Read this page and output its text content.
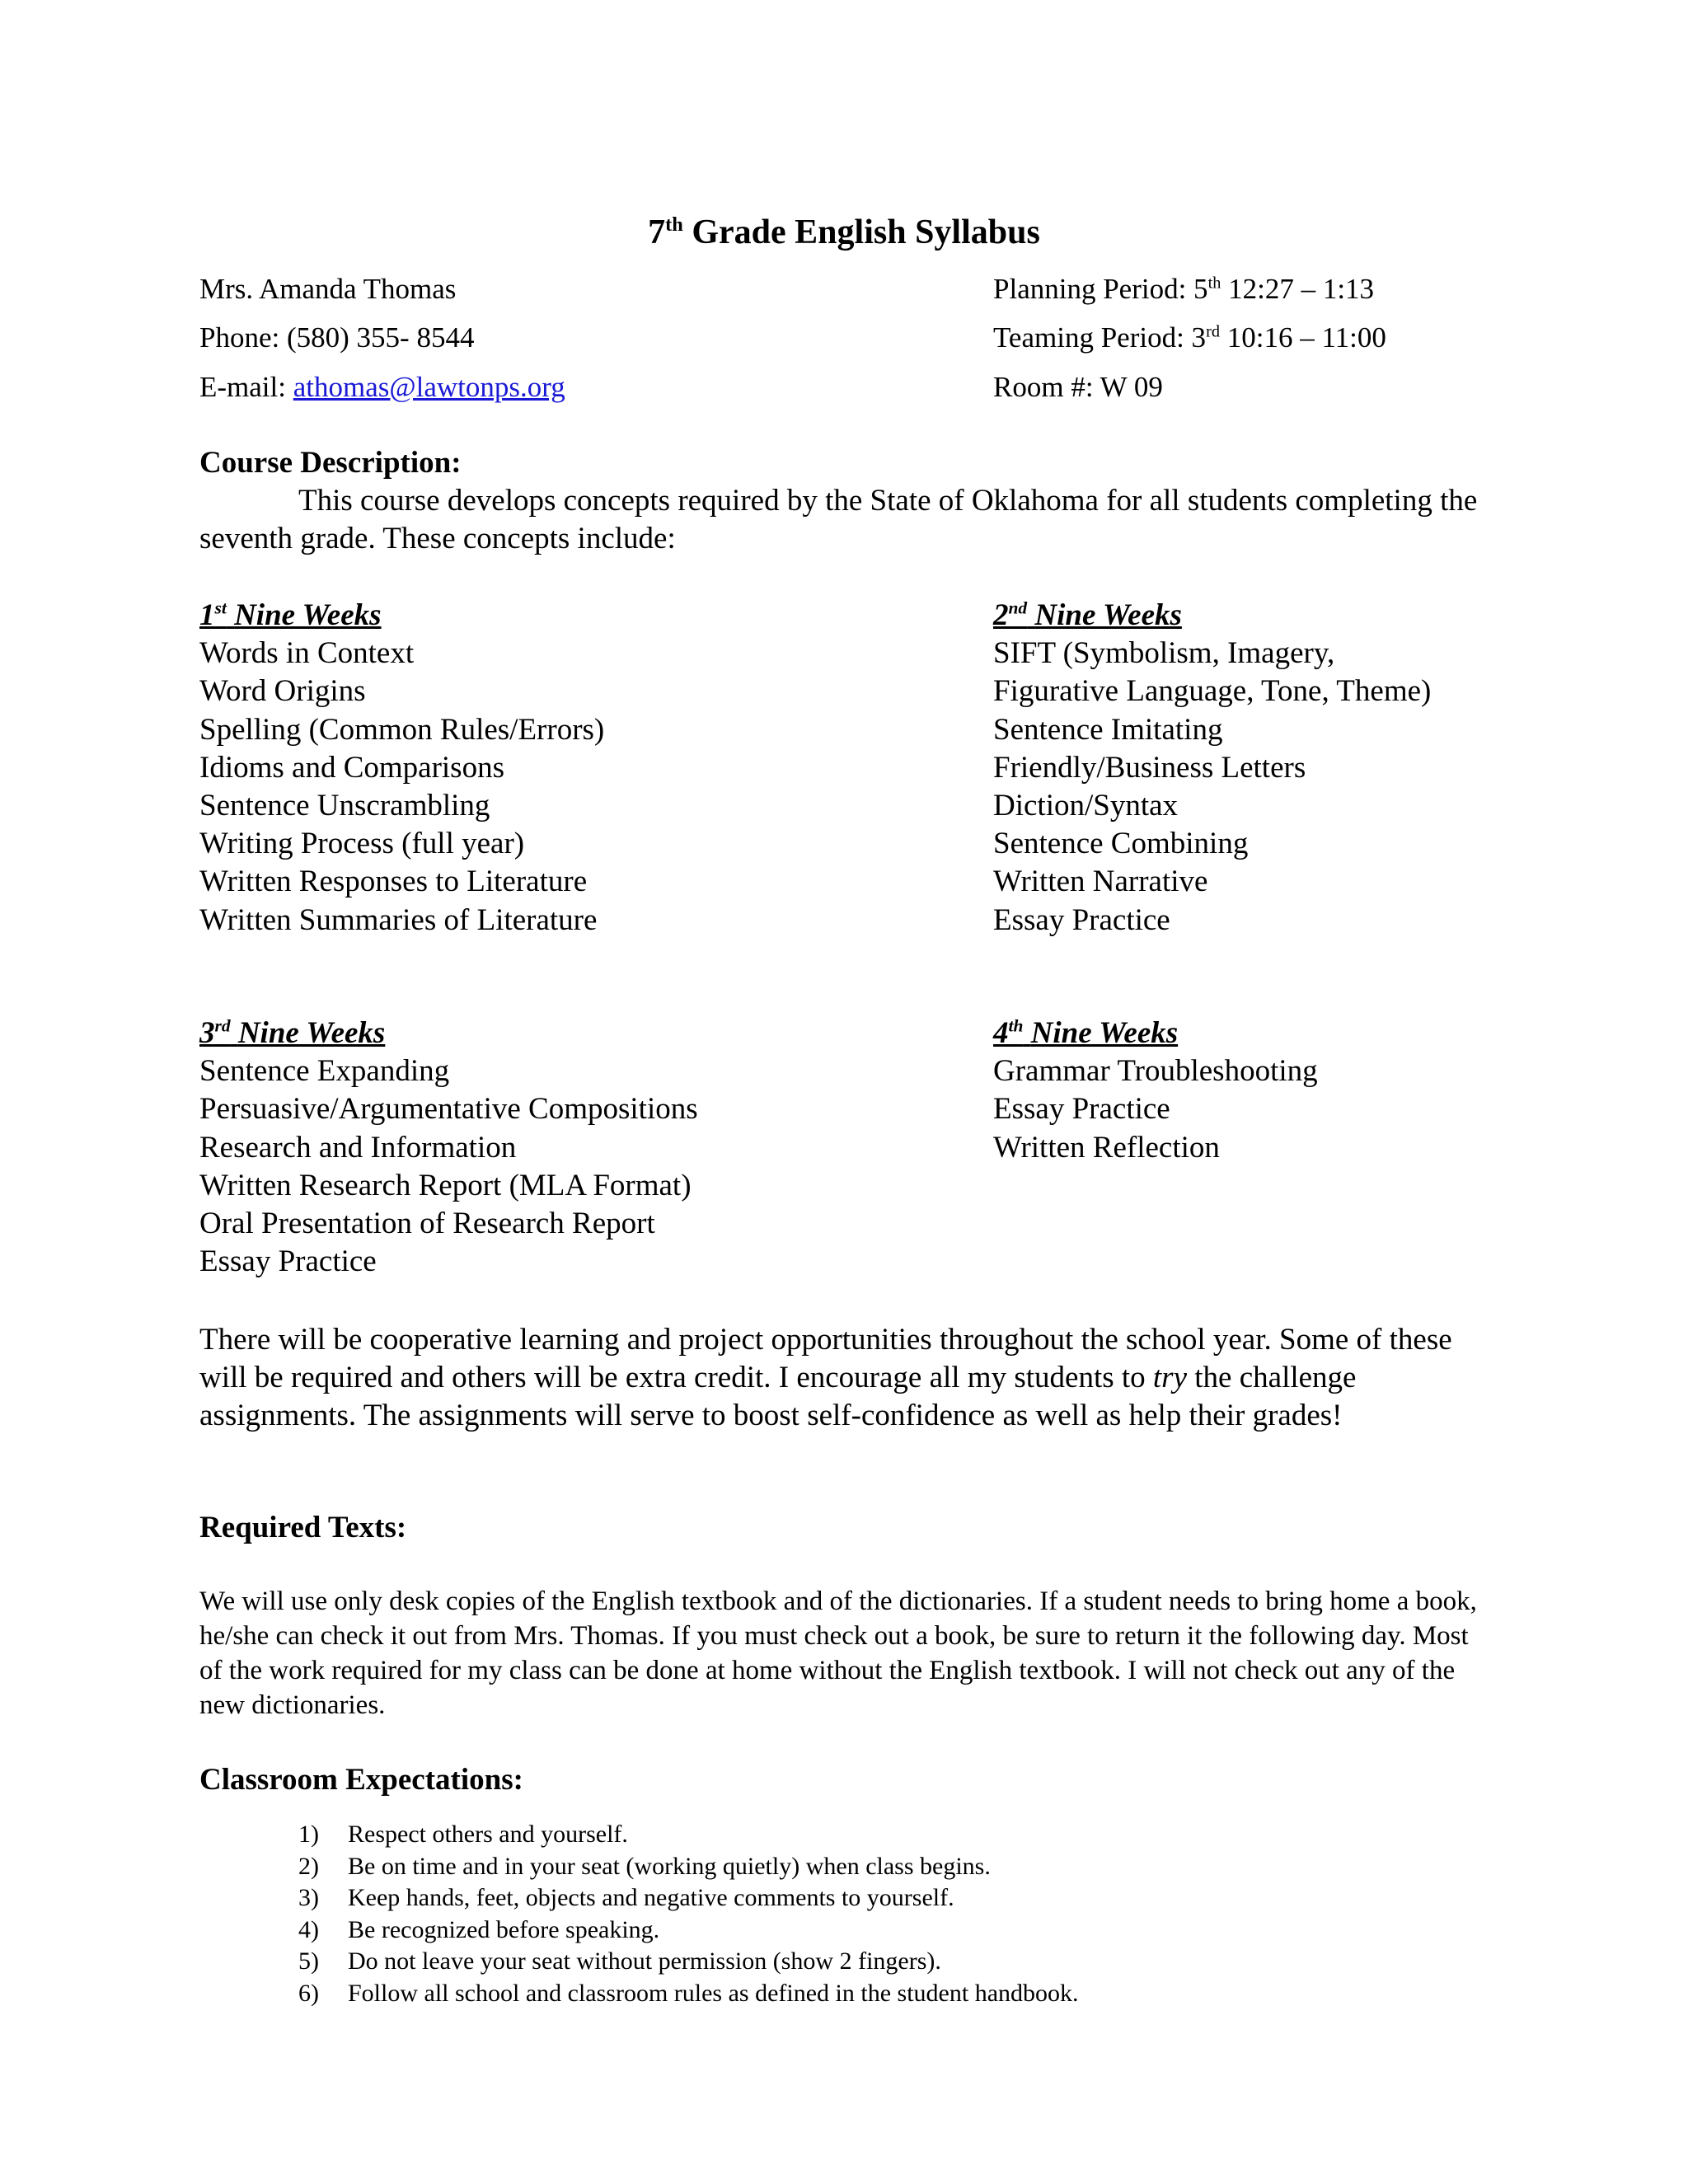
7th Grade English Syllabus
Mrs. Amanda Thomas
Phone: (580) 355- 8544
E-mail: athomas@lawtonps.org
Planning Period: 5th 12:27 – 1:13
Teaming Period: 3rd 10:16 – 11:00
Room #: W 09
Course Description:
This course develops concepts required by the State of Oklahoma for all students completing the seventh grade. These concepts include:
1st Nine Weeks
Words in Context
Word Origins
Spelling (Common Rules/Errors)
Idioms and Comparisons
Sentence Unscrambling
Writing Process (full year)
Written Responses to Literature
Written Summaries of Literature
2nd Nine Weeks
SIFT (Symbolism, Imagery,
Figurative Language, Tone, Theme)
Sentence Imitating
Friendly/Business Letters
Diction/Syntax
Sentence Combining
Written Narrative
Essay Practice
3rd Nine Weeks
Sentence Expanding
Persuasive/Argumentative Compositions
Research and Information
Written Research Report (MLA Format)
Oral Presentation of Research Report
Essay Practice
4th Nine Weeks
Grammar Troubleshooting
Essay Practice
Written Reflection
There will be cooperative learning and project opportunities throughout the school year. Some of these will be required and others will be extra credit. I encourage all my students to try the challenge assignments. The assignments will serve to boost self-confidence as well as help their grades!
Required Texts:
We will use only desk copies of the English textbook and of the dictionaries. If a student needs to bring home a book, he/she can check it out from Mrs. Thomas. If you must check out a book, be sure to return it the following day. Most of the work required for my class can be done at home without the English textbook. I will not check out any of the new dictionaries.
Classroom Expectations:
1)	Respect others and yourself.
2)	Be on time and in your seat (working quietly) when class begins.
3)	Keep hands, feet, objects and negative comments to yourself.
4)	Be recognized before speaking.
5)	Do not leave your seat without permission (show 2 fingers).
6)	Follow all school and classroom rules as defined in the student handbook.
